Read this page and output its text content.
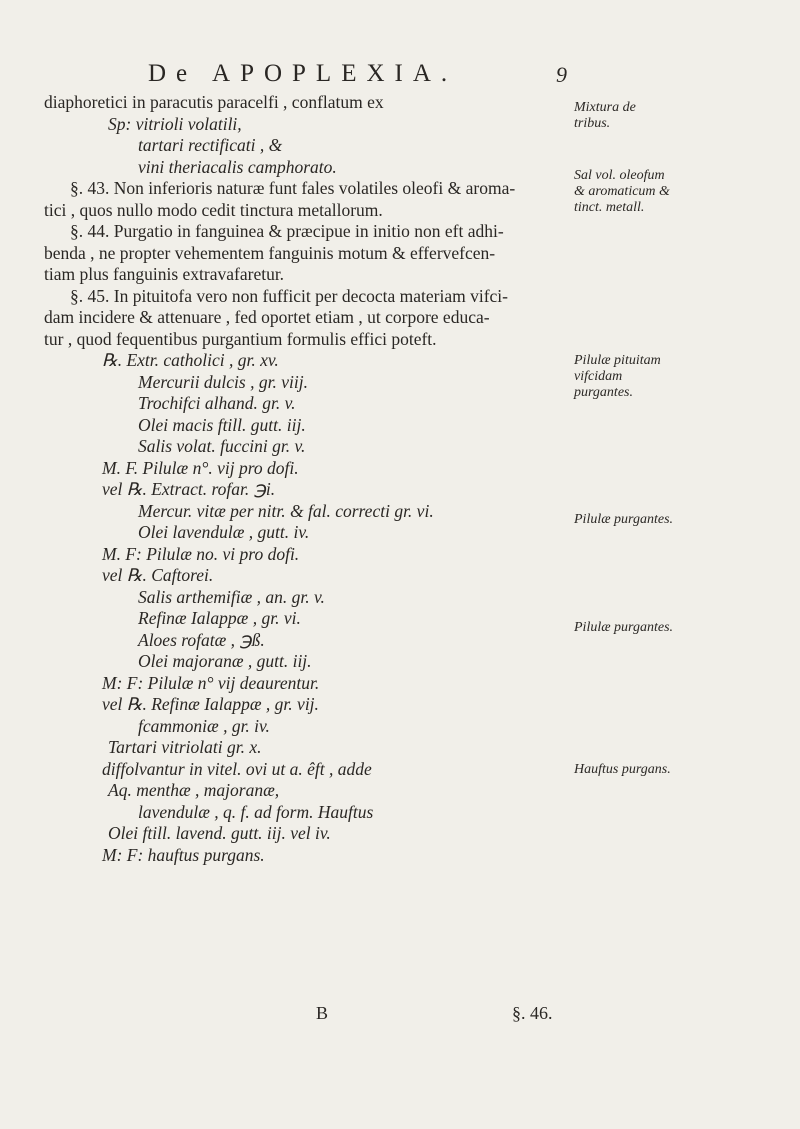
De APOPLEXIA.	9
diaphoretici in paracutis paracelfi , conflatum ex
Sp: vitrioli volatili,
tartari rectificati , &
vini theriacalis camphorato.
§. 43. Non inferioris naturæ funt fales volatiles oleofi & aroma-
tici , quos nullo modo cedit tinctura metallorum.
§. 44. Purgatio in fanguinea & præcipue in initio non eft adhi-
benda , ne propter vehementem fanguinis motum & effervefcen-
tiam plus fanguinis extravafaretur.
§. 45. In pituitofa vero non fufficit per decocta materiam vifci-
dam incidere & attenuare , fed oportet etiam , ut corpore educa-
tur , quod fequentibus purgantium formulis effici poteft.
℞. Extr. catholici , gr. xv.
Mercurii dulcis , gr. viij.
Trochifci alhand. gr. v.
Olei macis ftill. gutt. iij.
Salis volat. fuccini gr. v.
M. F. Pilulæ n°. vij pro dofi.
vel ℞. Extract. rofar. ℈i.
Mercur. vitæ per nitr. & fal. correcti gr. vi.
Olei lavendulæ , gutt. iv.
M. F: Pilulæ no. vi pro dofi.
vel ℞. Caftorei.
Salis arthemifiæ , an. gr. v.
Refinæ Ialappæ , gr. vi.
Aloes rofatæ , ℈ß.
Olei majoranæ , gutt. iij.
M: F: Pilulæ n° vij deaurentur.
vel ℞. Refinæ Ialappæ , gr. vij.
fcammoniæ , gr. iv.
Tartari vitriolati gr. x.
diffolvantur in vitel. ovi ut a. êft , adde
Aq. menthæ , majoranæ,
lavendulæ , q. f. ad form. Hauftus
Olei ftill. lavend. gutt. iij. vel iv.
M: F: hauftus purgans.
Mixtura de tribus.
Sal vol. oleofum & aromaticum & tinct. metall.
Pilulæ pituitam vifcidam purgantes.
Pilulæ purgantes.
Pilulæ purgantes.
Hauftus purgans.
B	§. 46.
